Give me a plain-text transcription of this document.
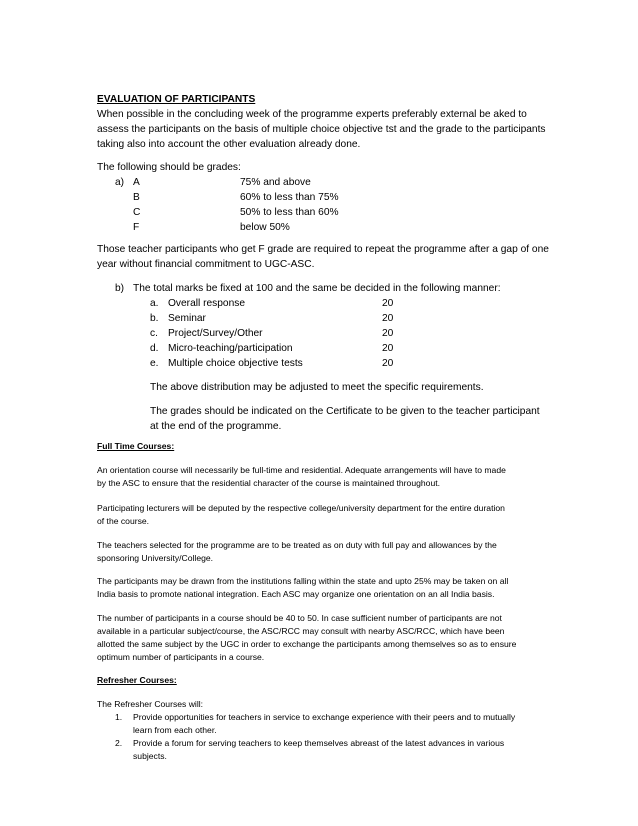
EVALUATION OF PARTICIPANTS
When possible in the concluding week of the programme experts preferably external be aked to
assess the participants on the basis of multiple choice objective tst and the grade to the participants
taking also into account the other evaluation already done.
The following should be grades:
a) A	75% and above
B	60% to less than 75%
C	50% to less than 60%
F	below 50%
Those teacher participants who get F grade are required to repeat the programme after a gap of one
year without financial commitment to UGC-ASC.
b) The total marks be fixed at 100 and the same be decided in the following manner:
a. Overall response	20
b. Seminar	20
c. Project/Survey/Other	20
d. Micro-teaching/participation	20
e. Multiple choice objective tests	20
The above distribution may be adjusted to meet the specific requirements.
The grades should be indicated on the Certificate to be given to the teacher participant
at the end of the programme.
Full Time Courses:
An orientation course will necessarily be full-time and residential. Adequate arrangements will have to made
by the ASC to ensure that the residential character of the course is maintained throughout.
Participating lecturers will be deputed by the respective college/university department for the entire duration
of the course.
The teachers selected for the programme are to be treated as on duty with full pay and allowances by the
sponsoring University/College.
The participants may be drawn from the institutions falling within the state and upto 25% may be taken on all
India basis to promote national integration. Each ASC may organize one orientation on an all India basis.
The number of participants in a course should be 40 to 50. In case sufficient number of participants are not
available in a particular subject/course, the ASC/RCC may consult with nearby ASC/RCC, which have been
allotted the same subject by the UGC in order to exchange the participants among themselves so as to ensure
optimum number of participants in a course.
Refresher Courses:
The Refresher Courses will:
1. Provide opportunities for teachers in service to exchange experience with their peers and to mutually
learn from each other.
2. Provide a forum for serving teachers to keep themselves abreast of the latest advances in various
subjects.
